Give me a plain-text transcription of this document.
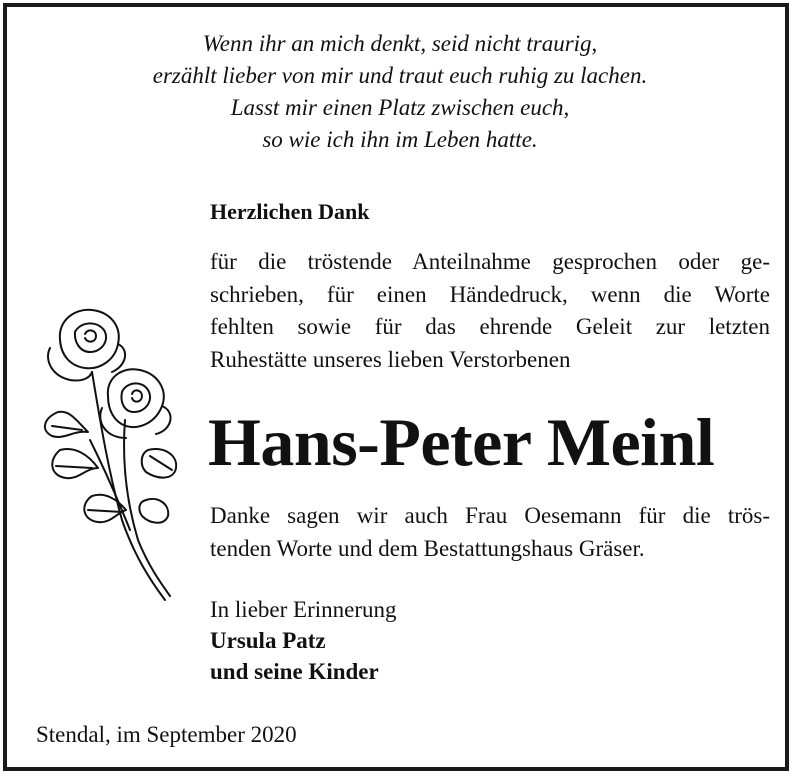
Wenn ihr an mich denkt, seid nicht traurig,
erzählt lieber von mir und traut euch ruhig zu lachen.
Lasst mir einen Platz zwischen euch,
so wie ich ihn im Leben hatte.
Herzlichen Dank
für die tröstende Anteilnahme gesprochen oder ge-
schrieben, für einen Händedruck, wenn die Worte
fehlten sowie für das ehrende Geleit zur letzten
Ruhestätte unseres lieben Verstorbenen
Hans-Peter Meinl
Danke sagen wir auch Frau Oesemann für die trös-
tenden Worte und dem Bestattungshaus Gräser.
In lieber Erinnerung
Ursula Patz
und seine Kinder
Stendal, im September 2020
